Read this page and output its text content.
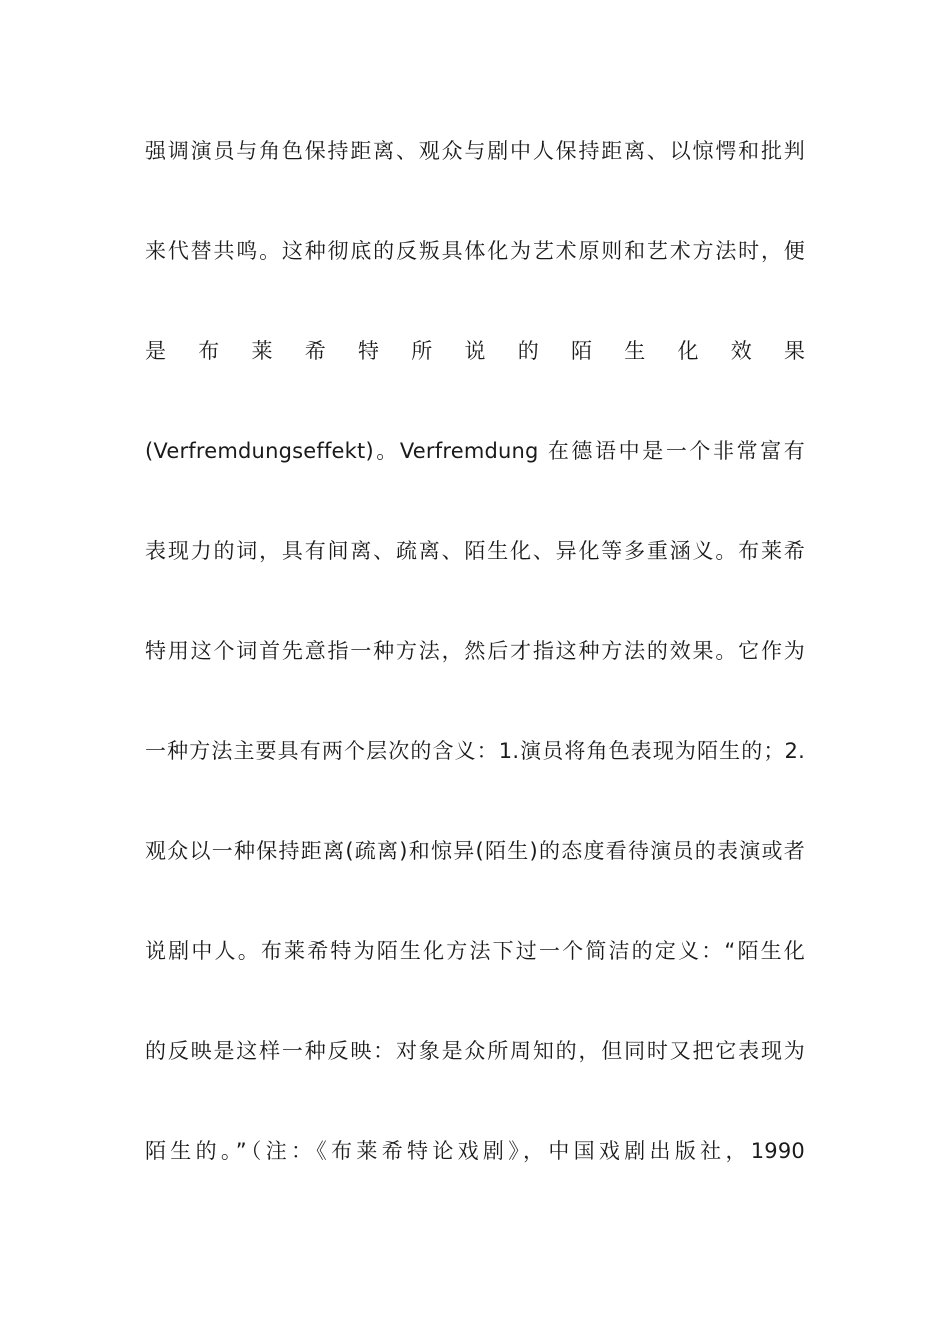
强调演员与角色保持距离、观众与剧中人保持距离、以惊愕和批判
来代替共鸣。这种彻底的反叛具体化为艺术原则和艺术方法时，便
是 布 莱 希 特 所 说 的 陌 生 化 效 果
(Verfremdungseffekt)。Verfremdung 在德语中是一个非常富有
表现力的词，具有间离、疏离、陌生化、异化等多重涵义。布莱希
特用这个词首先意指一种方法，然后才指这种方法的效果。它作为
一种方法主要具有两个层次的含义：1.演员将角色表现为陌生的；2.
观众以一种保持距离(疏离)和惊异(陌生)的态度看待演员的表演或者
说剧中人。布莱希特为陌生化方法下过一个简洁的定义：“陌生化
的反映是这样一种反映：对象是众所周知的，但同时又把它表现为
陌生的。”（注：《布莱希特论戏剧》，中国戏剧出版社，1990
